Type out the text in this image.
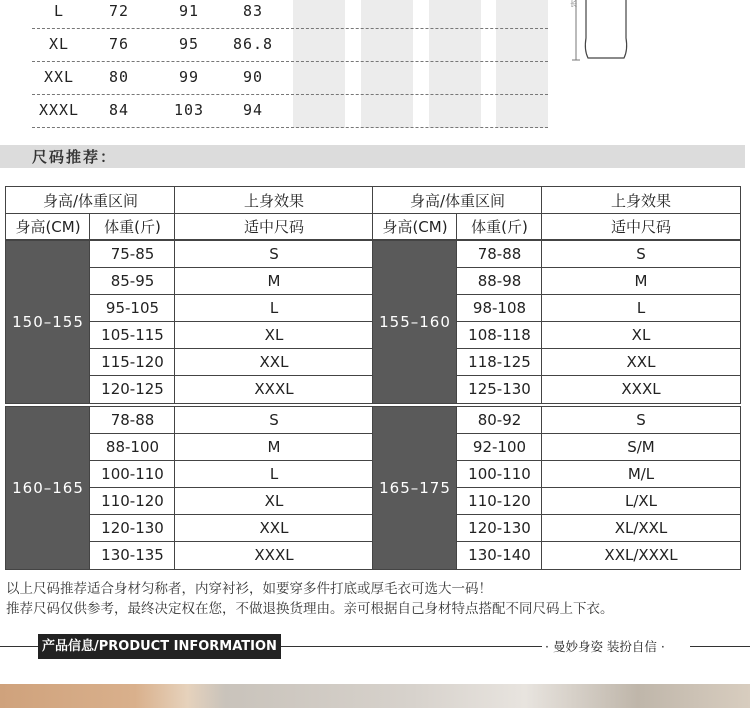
L	72	91	83
XL	76	95	86.8
XXL	80	99	90
XXXL	84	103	94
长
尺码推荐：
身高/体重区间	上身效果	身高/体重区间	上身效果
身高(CM)	体重(斤)	适中尺码	身高(CM)	体重(斤)	适中尺码
150–155
75-85	S
85-95	M
95-105	L
105-115	XL
115-120	XXL
120-125	XXXL
155–160
78-88	S
88-98	M
98-108	L
108-118	XL
118-125	XXL
125-130	XXXL
160–165
78-88	S
88-100	M
100-110	L
110-120	XL
120-130	XXL
130-135	XXXL
165–175
80-92	S
92-100	S/M
100-110	M/L
110-120	L/XL
120-130	XL/XXL
130-140	XXL/XXXL
以上尺码推荐适合身材匀称者，内穿衬衫，如要穿多件打底或厚毛衣可选大一码！
推荐尺码仅供参考，最终决定权在您，不做退换货理由。亲可根据自己身材特点搭配不同尺码上下衣。
产品信息/PRODUCT INFORMATION	· 曼妙身姿 装扮自信 ·
